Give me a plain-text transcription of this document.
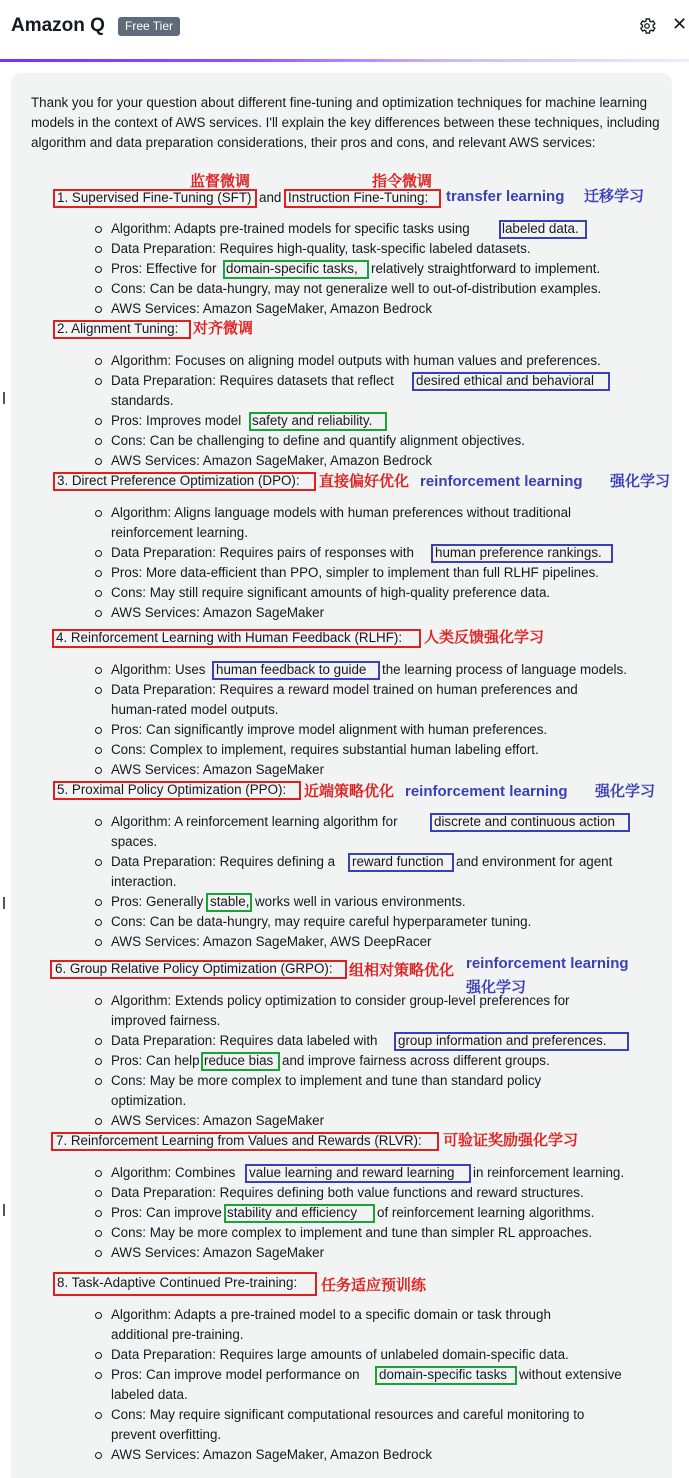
Amazon Q	Free Tier	✕
Thank you for your question about different fine-tuning and optimization techniques for machine learning models in the context of AWS services. I'll explain the key differences between these techniques, including algorithm and data preparation considerations, their pros and cons, and relevant AWS services:
监督微调	指令微调
1. Supervised Fine-Tuning (SFT) and Instruction Fine-Tuning: transfer learning 迁移学习
Algorithm: Adapts pre-trained models for specific tasks using labeled data.
Data Preparation: Requires high-quality, task-specific labeled datasets.
Pros: Effective for domain-specific tasks, relatively straightforward to implement.
Cons: Can be data-hungry, may not generalize well to out-of-distribution examples.
AWS Services: Amazon SageMaker, Amazon Bedrock
2. Alignment Tuning: 对齐微调
Algorithm: Focuses on aligning model outputs with human values and preferences.
Data Preparation: Requires datasets that reflect desired ethical and behavioral
standards.
Pros: Improves model safety and reliability.
Cons: Can be challenging to define and quantify alignment objectives.
AWS Services: Amazon SageMaker, Amazon Bedrock
3. Direct Preference Optimization (DPO): 直接偏好优化 reinforcement learning 强化学习
Algorithm: Aligns language models with human preferences without traditional
reinforcement learning.
Data Preparation: Requires pairs of responses with human preference rankings.
Pros: More data-efficient than PPO, simpler to implement than full RLHF pipelines.
Cons: May still require significant amounts of high-quality preference data.
AWS Services: Amazon SageMaker
4. Reinforcement Learning with Human Feedback (RLHF): 人类反馈强化学习
Algorithm: Uses human feedback to guide the learning process of language models.
Data Preparation: Requires a reward model trained on human preferences and
human-rated model outputs.
Pros: Can significantly improve model alignment with human preferences.
Cons: Complex to implement, requires substantial human labeling effort.
AWS Services: Amazon SageMaker
5. Proximal Policy Optimization (PPO): 近端策略优化 reinforcement learning 强化学习
Algorithm: A reinforcement learning algorithm for	discrete and continuous action
spaces.
Data Preparation: Requires defining a reward function and environment for agent
interaction.
Pros: Generally stable, works well in various environments.
Cons: Can be data-hungry, may require careful hyperparameter tuning.
AWS Services: Amazon SageMaker, AWS DeepRacer
6. Group Relative Policy Optimization (GRPO): 组相对策略优化 reinforcement learning
强化学习
Algorithm: Extends policy optimization to consider group-level preferences for
improved fairness.
Data Preparation: Requires data labeled with group information and preferences.
Pros: Can help reduce bias and improve fairness across different groups.
Cons: May be more complex to implement and tune than standard policy
optimization.
AWS Services: Amazon SageMaker
7. Reinforcement Learning from Values and Rewards (RLVR): 可验证奖励强化学习
Algorithm: Combines value learning and reward learning in reinforcement learning.
Data Preparation: Requires defining both value functions and reward structures.
Pros: Can improve stability and efficiency of reinforcement learning algorithms.
Cons: May be more complex to implement and tune than simpler RL approaches.
AWS Services: Amazon SageMaker
8. Task-Adaptive Continued Pre-training: 任务适应预训练
Algorithm: Adapts a pre-trained model to a specific domain or task through
additional pre-training.
Data Preparation: Requires large amounts of unlabeled domain-specific data.
Pros: Can improve model performance on domain-specific tasks without extensive
labeled data.
Cons: May require significant computational resources and careful monitoring to
prevent overfitting.
AWS Services: Amazon SageMaker, Amazon Bedrock
